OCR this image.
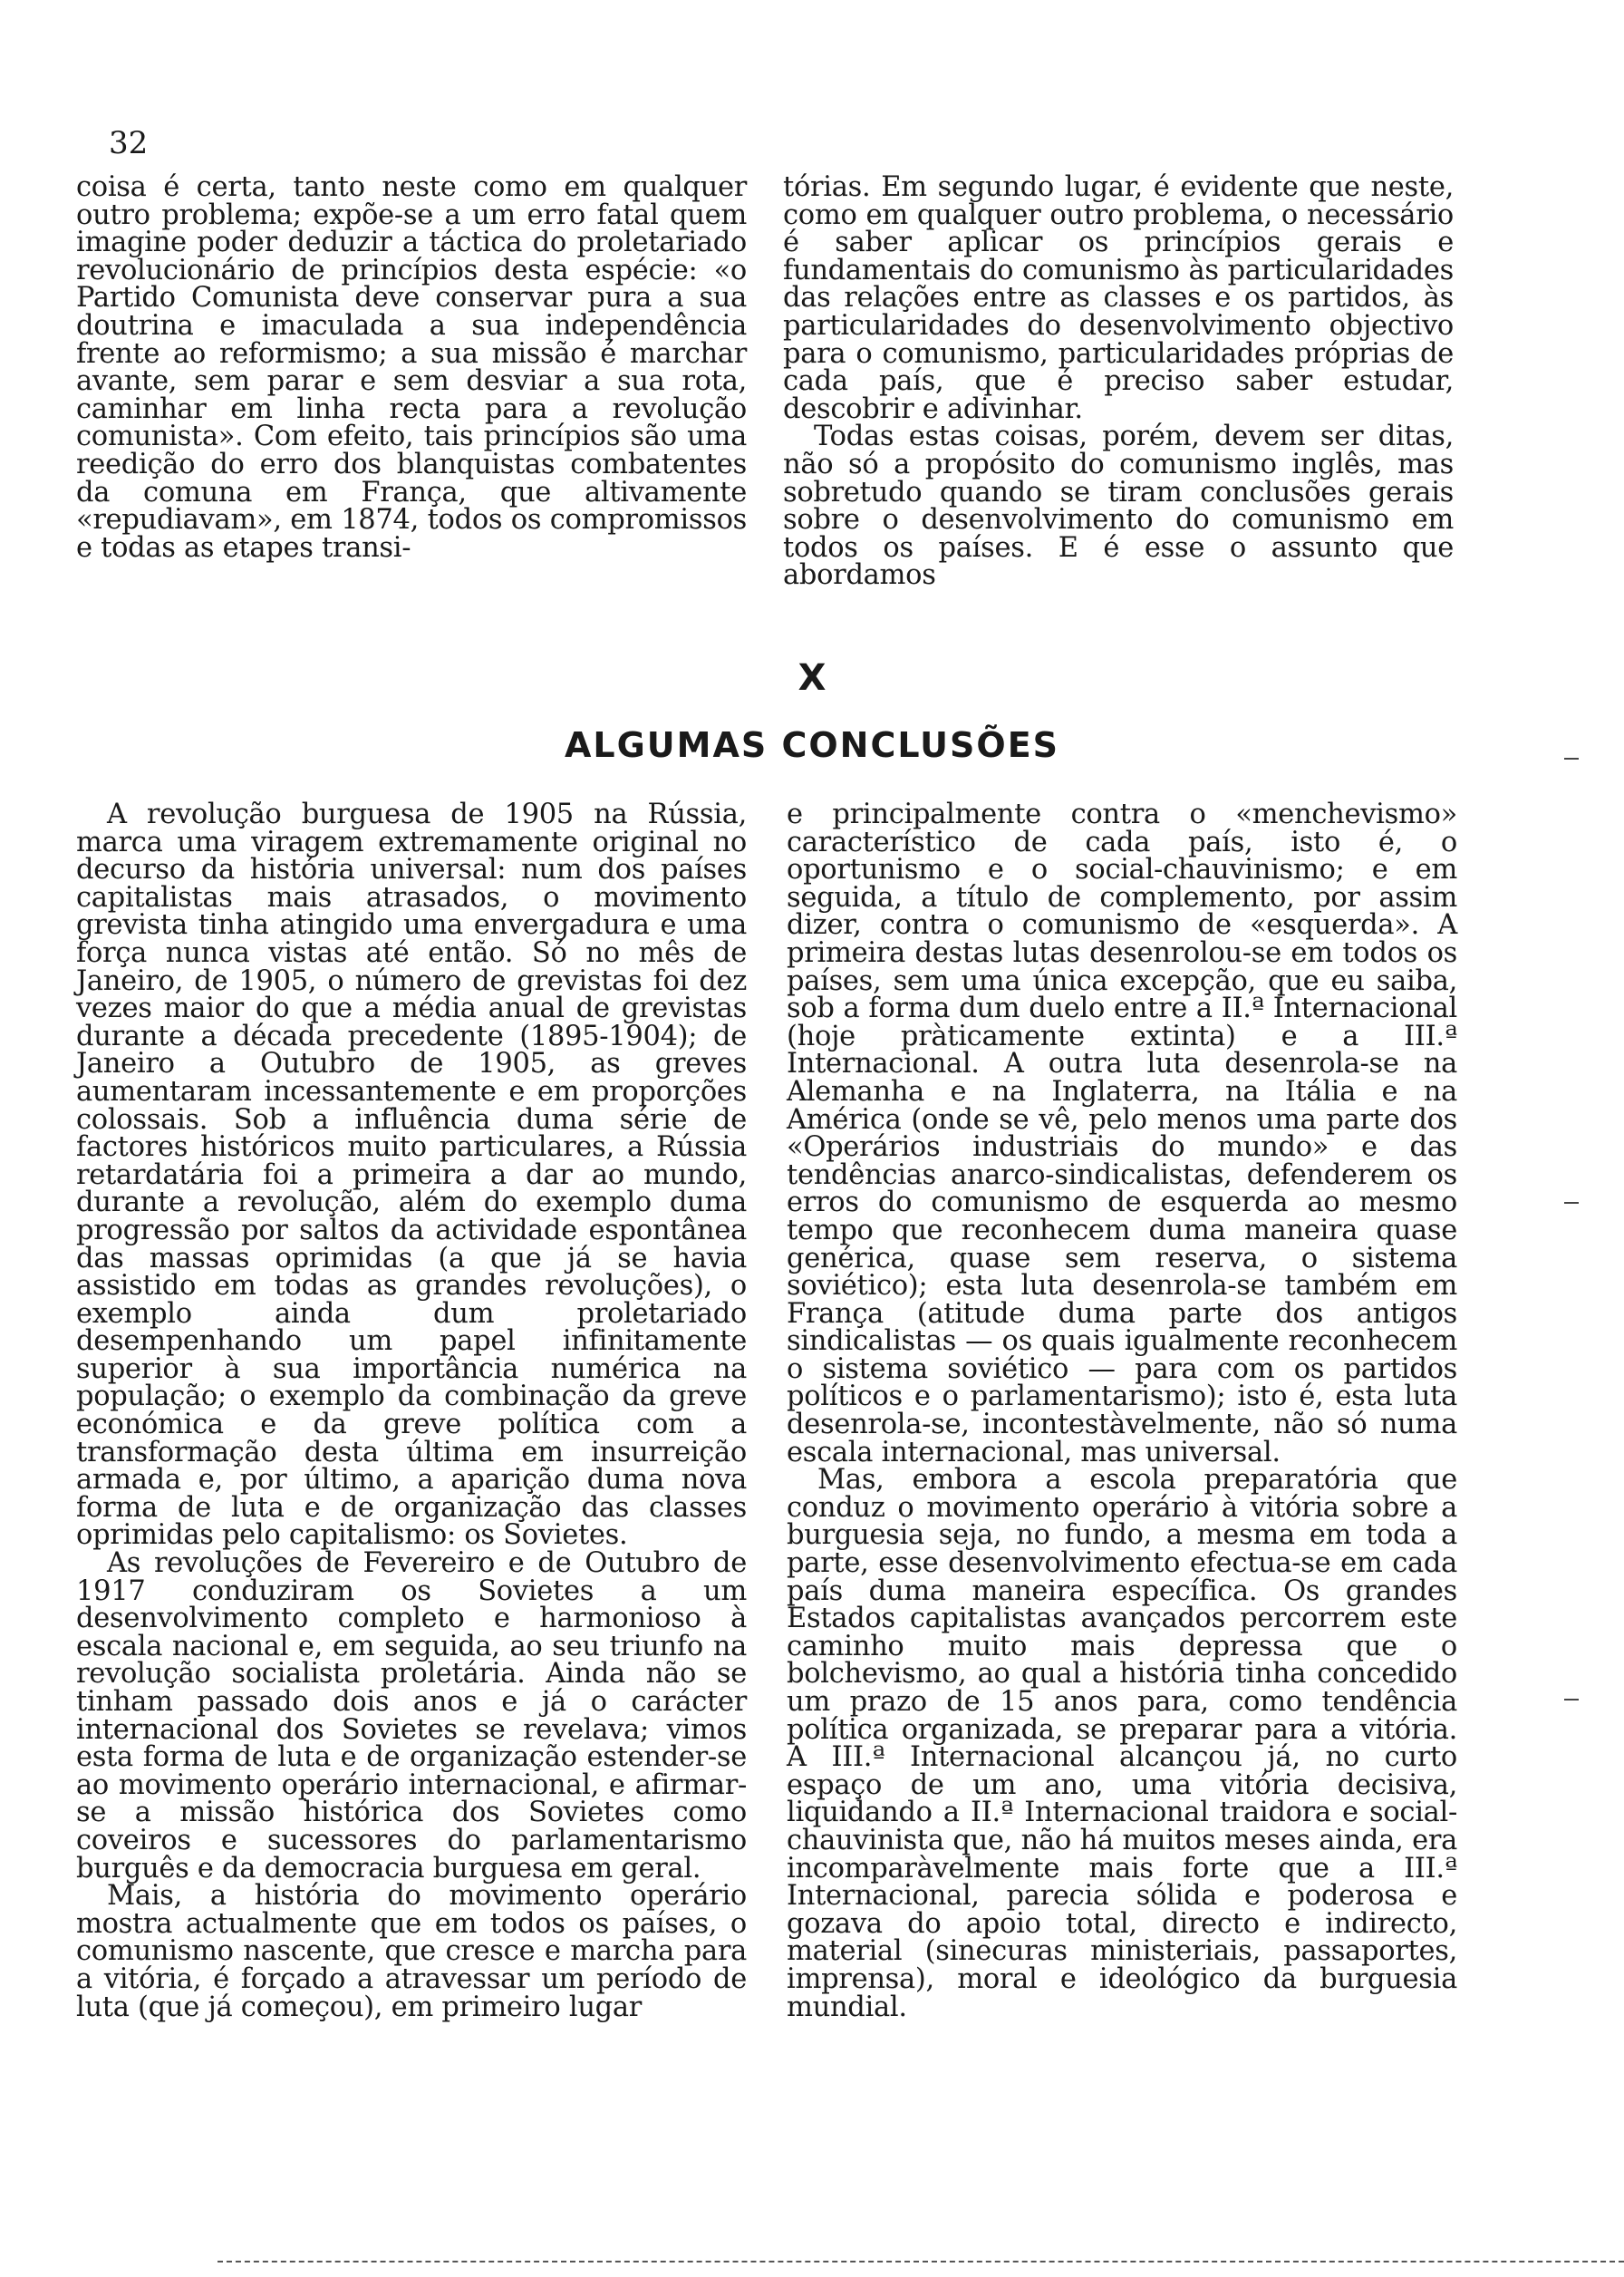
32

coisa é certa, tanto neste como em qualquer outro problema; expõe-se a um erro fatal quem imagine poder deduzir a táctica do proletariado revolucionário de princípios desta espécie: «o Partido Comunista deve conservar pura a sua doutrina e imaculada a sua independência frente ao reformismo; a sua missão é marchar avante, sem parar e sem desviar a sua rota, caminhar em linha recta para a revolução comunista». Com efeito, tais princípios são uma reedição do erro dos blanquistas combatentes da comuna em França, que altivamente «repudiavam», em 1874, todos os compromissos e todas as etapes transi-

tórias. Em segundo lugar, é evidente que neste, como em qualquer outro problema, o necessário é saber aplicar os princípios gerais e fundamentais do comunismo às particularidades das relações entre as classes e os partidos, às particularidades do desenvolvimento objectivo para o comunismo, particularidades próprias de cada país, que é preciso saber estudar, descobrir e adivinhar.

Todas estas coisas, porém, devem ser ditas, não só a propósito do comunismo inglês, mas sobretudo quando se tiram conclusões gerais sobre o desenvolvimento do comunismo em todos os países. E é esse o assunto que abordamos

X
ALGUMAS CONCLUSÕES

A revolução burguesa de 1905 na Rússia, marca uma viragem extremamente original no decurso da história universal: num dos países capitalistas mais atrasados, o movimento grevista tinha atingido uma envergadura e uma força nunca vistas até então. Só no mês de Janeiro, de 1905, o número de grevistas foi dez vezes maior do que a média anual de grevistas durante a década precedente (1895-1904); de Janeiro a Outubro de 1905, as greves aumentaram incessantemente e em proporções colossais. Sob a influência duma série de factores históricos muito particulares, a Rússia retardatária foi a primeira a dar ao mundo, durante a revolução, além do exemplo duma progressão por saltos da actividade espontânea das massas oprimidas (a que já se havia assistido em todas as grandes revoluções), o exemplo ainda dum proletariado desempenhando um papel infinitamente superior à sua importância numérica na população; o exemplo da combinação da greve económica e da greve política com a transformação desta última em insurreição armada e, por último, a aparição duma nova forma de luta e de organização das classes oprimidas pelo capitalismo: os Sovietes.

As revoluções de Fevereiro e de Outubro de 1917 conduziram os Sovietes a um desenvolvimento completo e harmonioso à escala nacional e, em seguida, ao seu triunfo na revolução socialista proletária. Ainda não se tinham passado dois anos e já o carácter internacional dos Sovietes se revelava; vimos esta forma de luta e de organização estender-se ao movimento operário internacional, e afirmar-se a missão histórica dos Sovietes como coveiros e sucessores do parlamentarismo burguês e da democracia burguesa em geral.

Mais, a história do movimento operário mostra actualmente que em todos os países, o comunismo nascente, que cresce e marcha para a vitória, é forçado a atravessar um período de luta (que já começou), em primeiro lugar

e principalmente contra o «menchevismo» característico de cada país, isto é, o oportunismo e o social-chauvinismo; e em seguida, a título de complemento, por assim dizer, contra o comunismo de «esquerda». A primeira destas lutas desenrolou-se em todos os países, sem uma única excepção, que eu saiba, sob a forma dum duelo entre a II.ª Internacional (hoje pràticamente extinta) e a III.ª Internacional. A outra luta desenrola-se na Alemanha e na Inglaterra, na Itália e na América (onde se vê, pelo menos uma parte dos «Operários industriais do mundo» e das tendências anarco-sindicalistas, defenderem os erros do comunismo de esquerda ao mesmo tempo que reconhecem duma maneira quase genérica, quase sem reserva, o sistema soviético); esta luta desenrola-se também em França (atitude duma parte dos antigos sindicalistas — os quais igualmente reconhecem o sistema soviético — para com os partidos políticos e o parlamentarismo); isto é, esta luta desenrola-se, incontestàvelmente, não só numa escala internacional, mas universal.

Mas, embora a escola preparatória que conduz o movimento operário à vitória sobre a burguesia seja, no fundo, a mesma em toda a parte, esse desenvolvimento efectua-se em cada país duma maneira específica. Os grandes Estados capitalistas avançados percorrem este caminho muito mais depressa que o bolchevismo, ao qual a história tinha concedido um prazo de 15 anos para, como tendência política organizada, se preparar para a vitória. A III.ª Internacional alcançou já, no curto espaço de um ano, uma vitória decisiva, liquidando a II.ª Internacional traidora e social-chauvinista que, não há muitos meses ainda, era incomparàvelmente mais forte que a III.ª Internacional, parecia sólida e poderosa e gozava do apoio total, directo e indirecto, material (sinecuras ministeriais, passaportes, imprensa), moral e ideológico da burguesia mundial.
